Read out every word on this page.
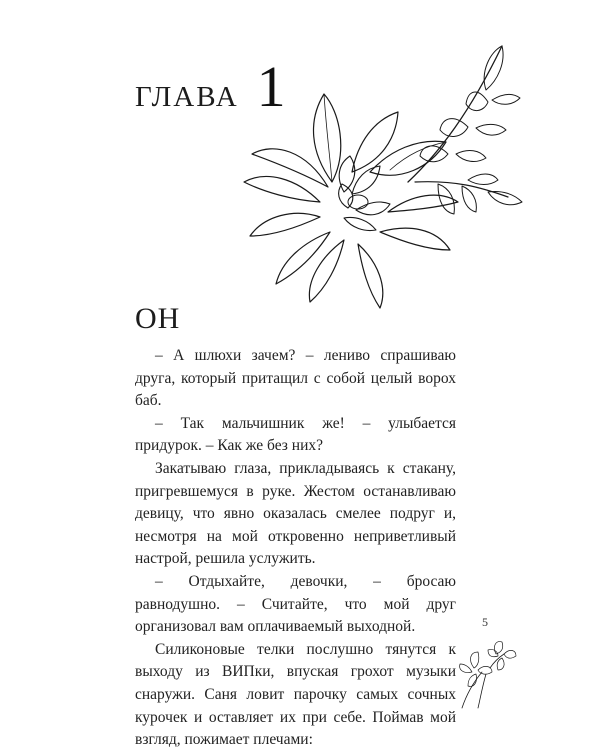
ГЛАВА 1
ОН

– А шлюхи зачем? – лениво спрашиваю друга, который притащил с собой целый ворох баб.

– Так мальчишник же! – улыбается придурок. – Как же без них?

Закатываю глаза, прикладываясь к стакану, пригревшемуся в руке. Жестом останавливаю девицу, что явно оказалась смелее подруг и, несмотря на мой откровенно неприветливый настрой, решила услужить.

– Отдыхайте, девочки, – бросаю равнодушно. – Считайте, что мой друг организовал вам оплачиваемый выходной.

Силиконовые телки послушно тянутся к выходу из ВИПки, впуская грохот музыки снаружи. Саня ловит парочку самых сочных курочек и оставляет их при себе. Поймав мой взгляд, пожимает плечами:

5
